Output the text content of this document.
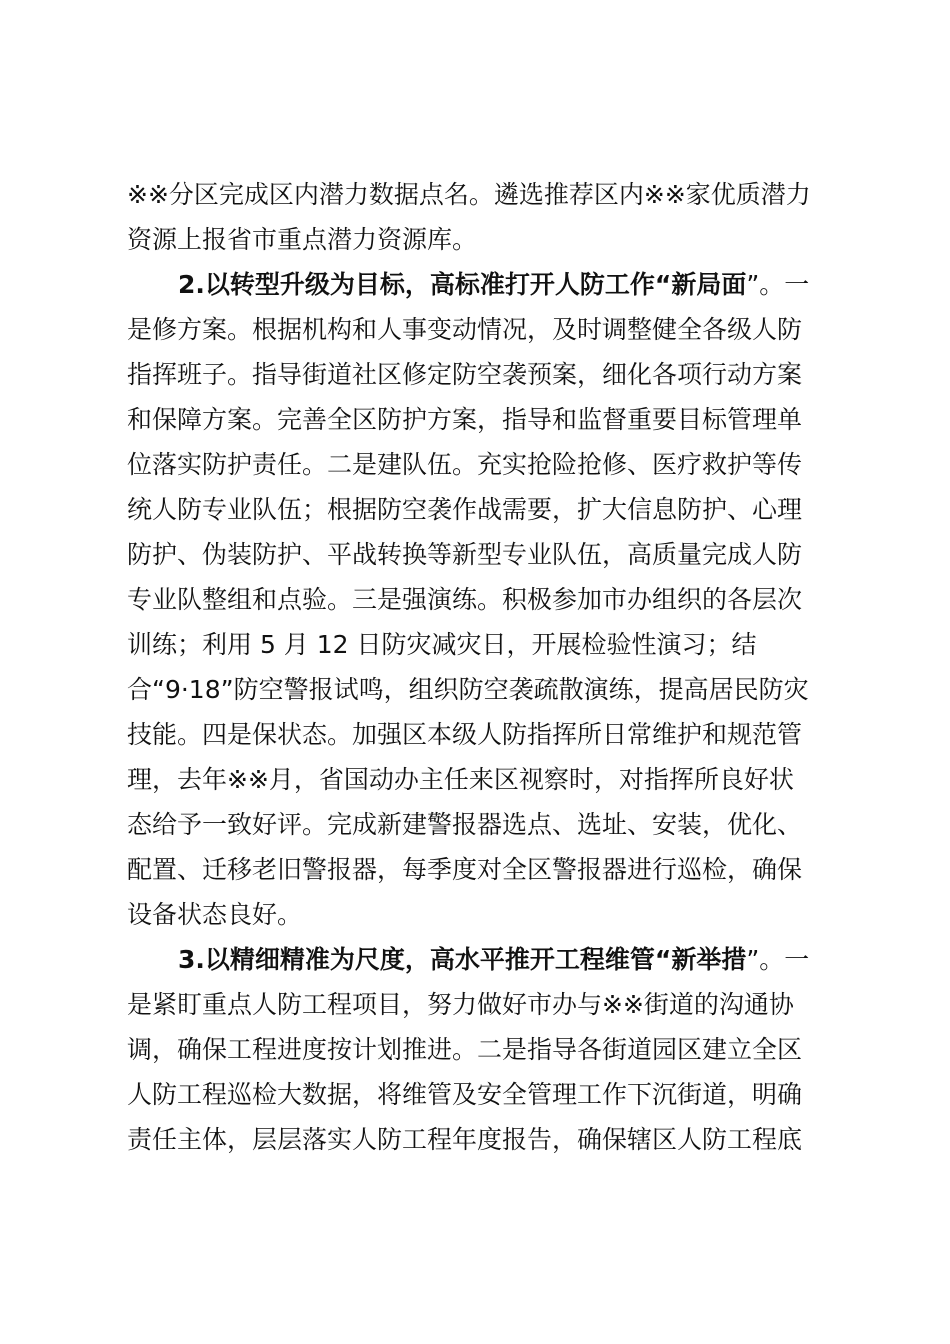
※※分区完成区内潜力数据点名。遴选推荐区内※※家优质潜力
资源上报省市重点潜力资源库。
2.以转型升级为目标，高标准打开人防工作“新局面”。一
是修方案。根据机构和人事变动情况，及时调整健全各级人防
指挥班子。指导街道社区修定防空袭预案，细化各项行动方案
和保障方案。完善全区防护方案，指导和监督重要目标管理单
位落实防护责任。二是建队伍。充实抢险抢修、医疗救护等传
统人防专业队伍；根据防空袭作战需要，扩大信息防护、心理
防护、伪装防护、平战转换等新型专业队伍，高质量完成人防
专业队整组和点验。三是强演练。积极参加市办组织的各层次
训练；利用 5 月 12 日防灾减灾日，开展检验性演习；结
合“9·18”防空警报试鸣，组织防空袭疏散演练，提高居民防灾
技能。四是保状态。加强区本级人防指挥所日常维护和规范管
理，去年※※月，省国动办主任来区视察时，对指挥所良好状
态给予一致好评。完成新建警报器选点、选址、安装，优化、
配置、迁移老旧警报器，每季度对全区警报器进行巡检，确保
设备状态良好。
3.以精细精准为尺度，高水平推开工程维管“新举措”。一
是紧盯重点人防工程项目，努力做好市办与※※街道的沟通协
调，确保工程进度按计划推进。二是指导各街道园区建立全区
人防工程巡检大数据，将维管及安全管理工作下沉街道，明确
责任主体，层层落实人防工程年度报告，确保辖区人防工程底
